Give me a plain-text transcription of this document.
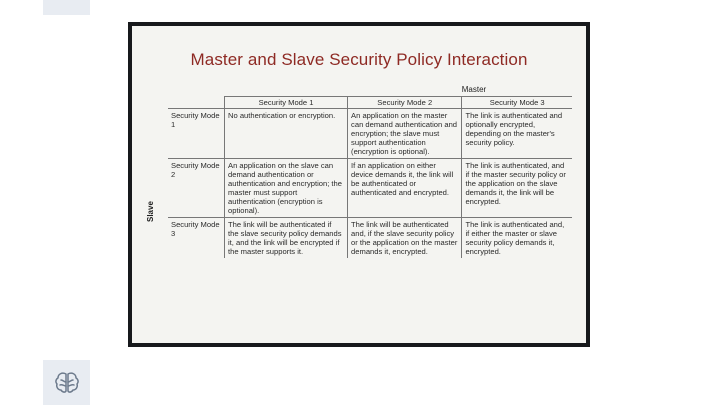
Master and Slave Security Policy Interaction
Master
Slave
	Security Mode 1	Security Mode 2	Security Mode 3
Security Mode 1	No authentication or encryption.	An application on the master can demand authentication and encryption; the slave must support authentication (encryption is optional).	The link is authenticated and optionally encrypted, depending on the master's security policy.
Security Mode 2	An application on the slave can demand authentication or authentication and encryption; the master must support authentication (encryption is optional).	If an application on either device demands it, the link will be authenticated or authenticated and encrypted.	The link is authenticated, and if the master security policy or the application on the slave demands it, the link will be encrypted.
Security Mode 3	The link will be authenticated if the slave security policy demands it, and the link will be encrypted if the master supports it.	The link will be authenticated and, if the slave security policy or the application on the master demands it, encrypted.	The link is authenticated and, if either the master or slave security policy demands it, encrypted.
